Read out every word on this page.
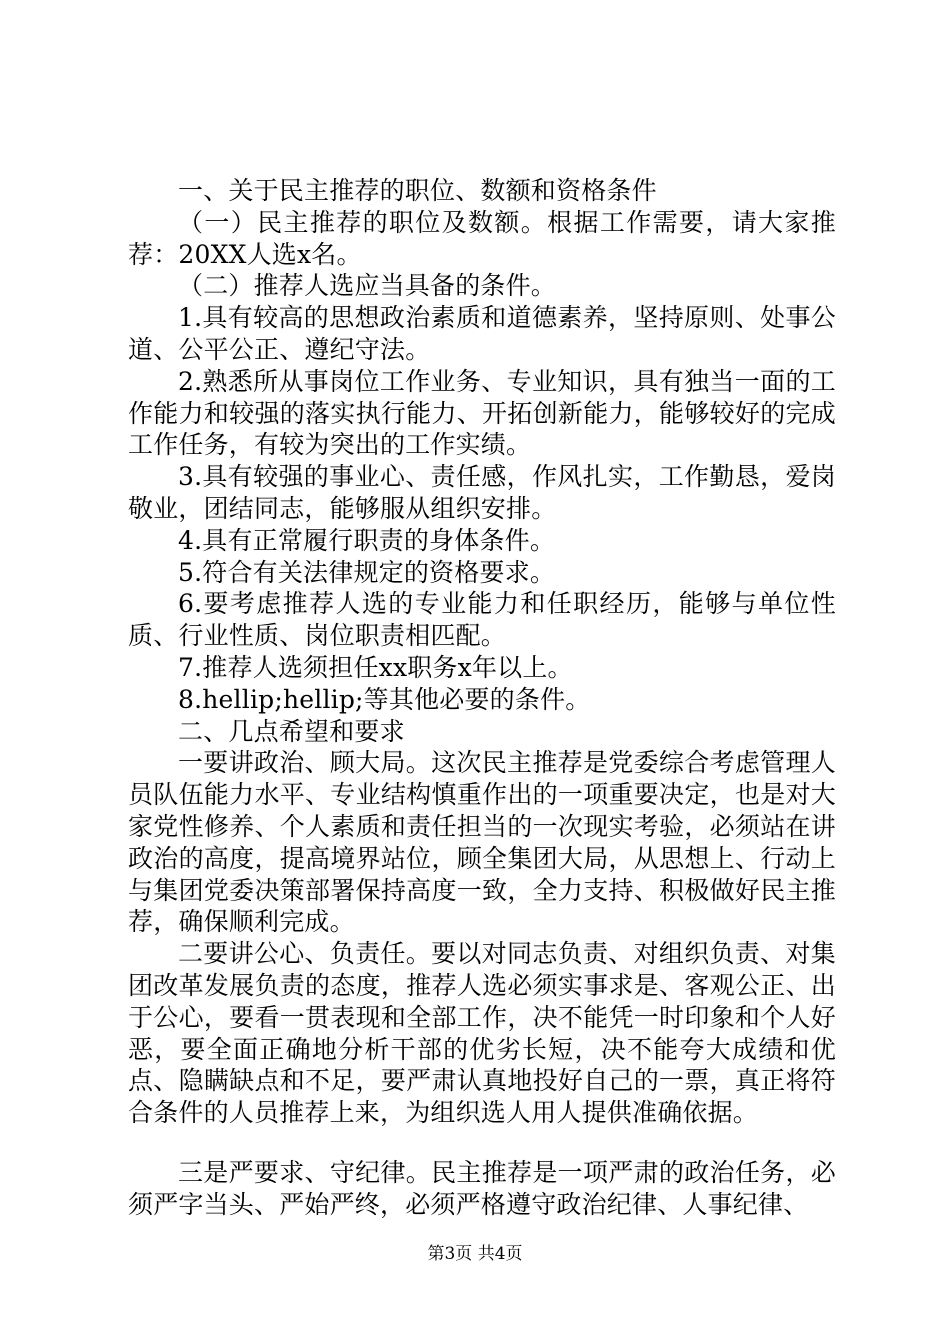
一、关于民主推荐的职位、数额和资格条件

（一）民主推荐的职位及数额。根据工作需要，请大家推荐：20XX人选x名。

（二）推荐人选应当具备的条件。

1.具有较高的思想政治素质和道德素养，坚持原则、处事公道、公平公正、遵纪守法。

2.熟悉所从事岗位工作业务、专业知识，具有独当一面的工作能力和较强的落实执行能力、开拓创新能力，能够较好的完成工作任务，有较为突出的工作实绩。

3.具有较强的事业心、责任感，作风扎实，工作勤恳，爱岗敬业，团结同志，能够服从组织安排。

4.具有正常履行职责的身体条件。

5.符合有关法律规定的资格要求。

6.要考虑推荐人选的专业能力和任职经历，能够与单位性质、行业性质、岗位职责相匹配。

7.推荐人选须担任xx职务x年以上。

8.hellip;hellip;等其他必要的条件。

二、几点希望和要求

一要讲政治、顾大局。这次民主推荐是党委综合考虑管理人员队伍能力水平、专业结构慎重作出的一项重要决定，也是对大家党性修养、个人素质和责任担当的一次现实考验，必须站在讲政治的高度，提高境界站位，顾全集团大局，从思想上、行动上与集团党委决策部署保持高度一致，全力支持、积极做好民主推荐，确保顺利完成。

二要讲公心、负责任。要以对同志负责、对组织负责、对集团改革发展负责的态度，推荐人选必须实事求是、客观公正、出于公心，要看一贯表现和全部工作，决不能凭一时印象和个人好恶，要全面正确地分析干部的优劣长短，决不能夸大成绩和优点、隐瞒缺点和不足，要严肃认真地投好自己的一票，真正将符合条件的人员推荐上来，为组织选人用人提供准确依据。

三是严要求、守纪律。民主推荐是一项严肃的政治任务，必须严字当头、严始严终，必须严格遵守政治纪律、人事纪律、

第3页 共4页
